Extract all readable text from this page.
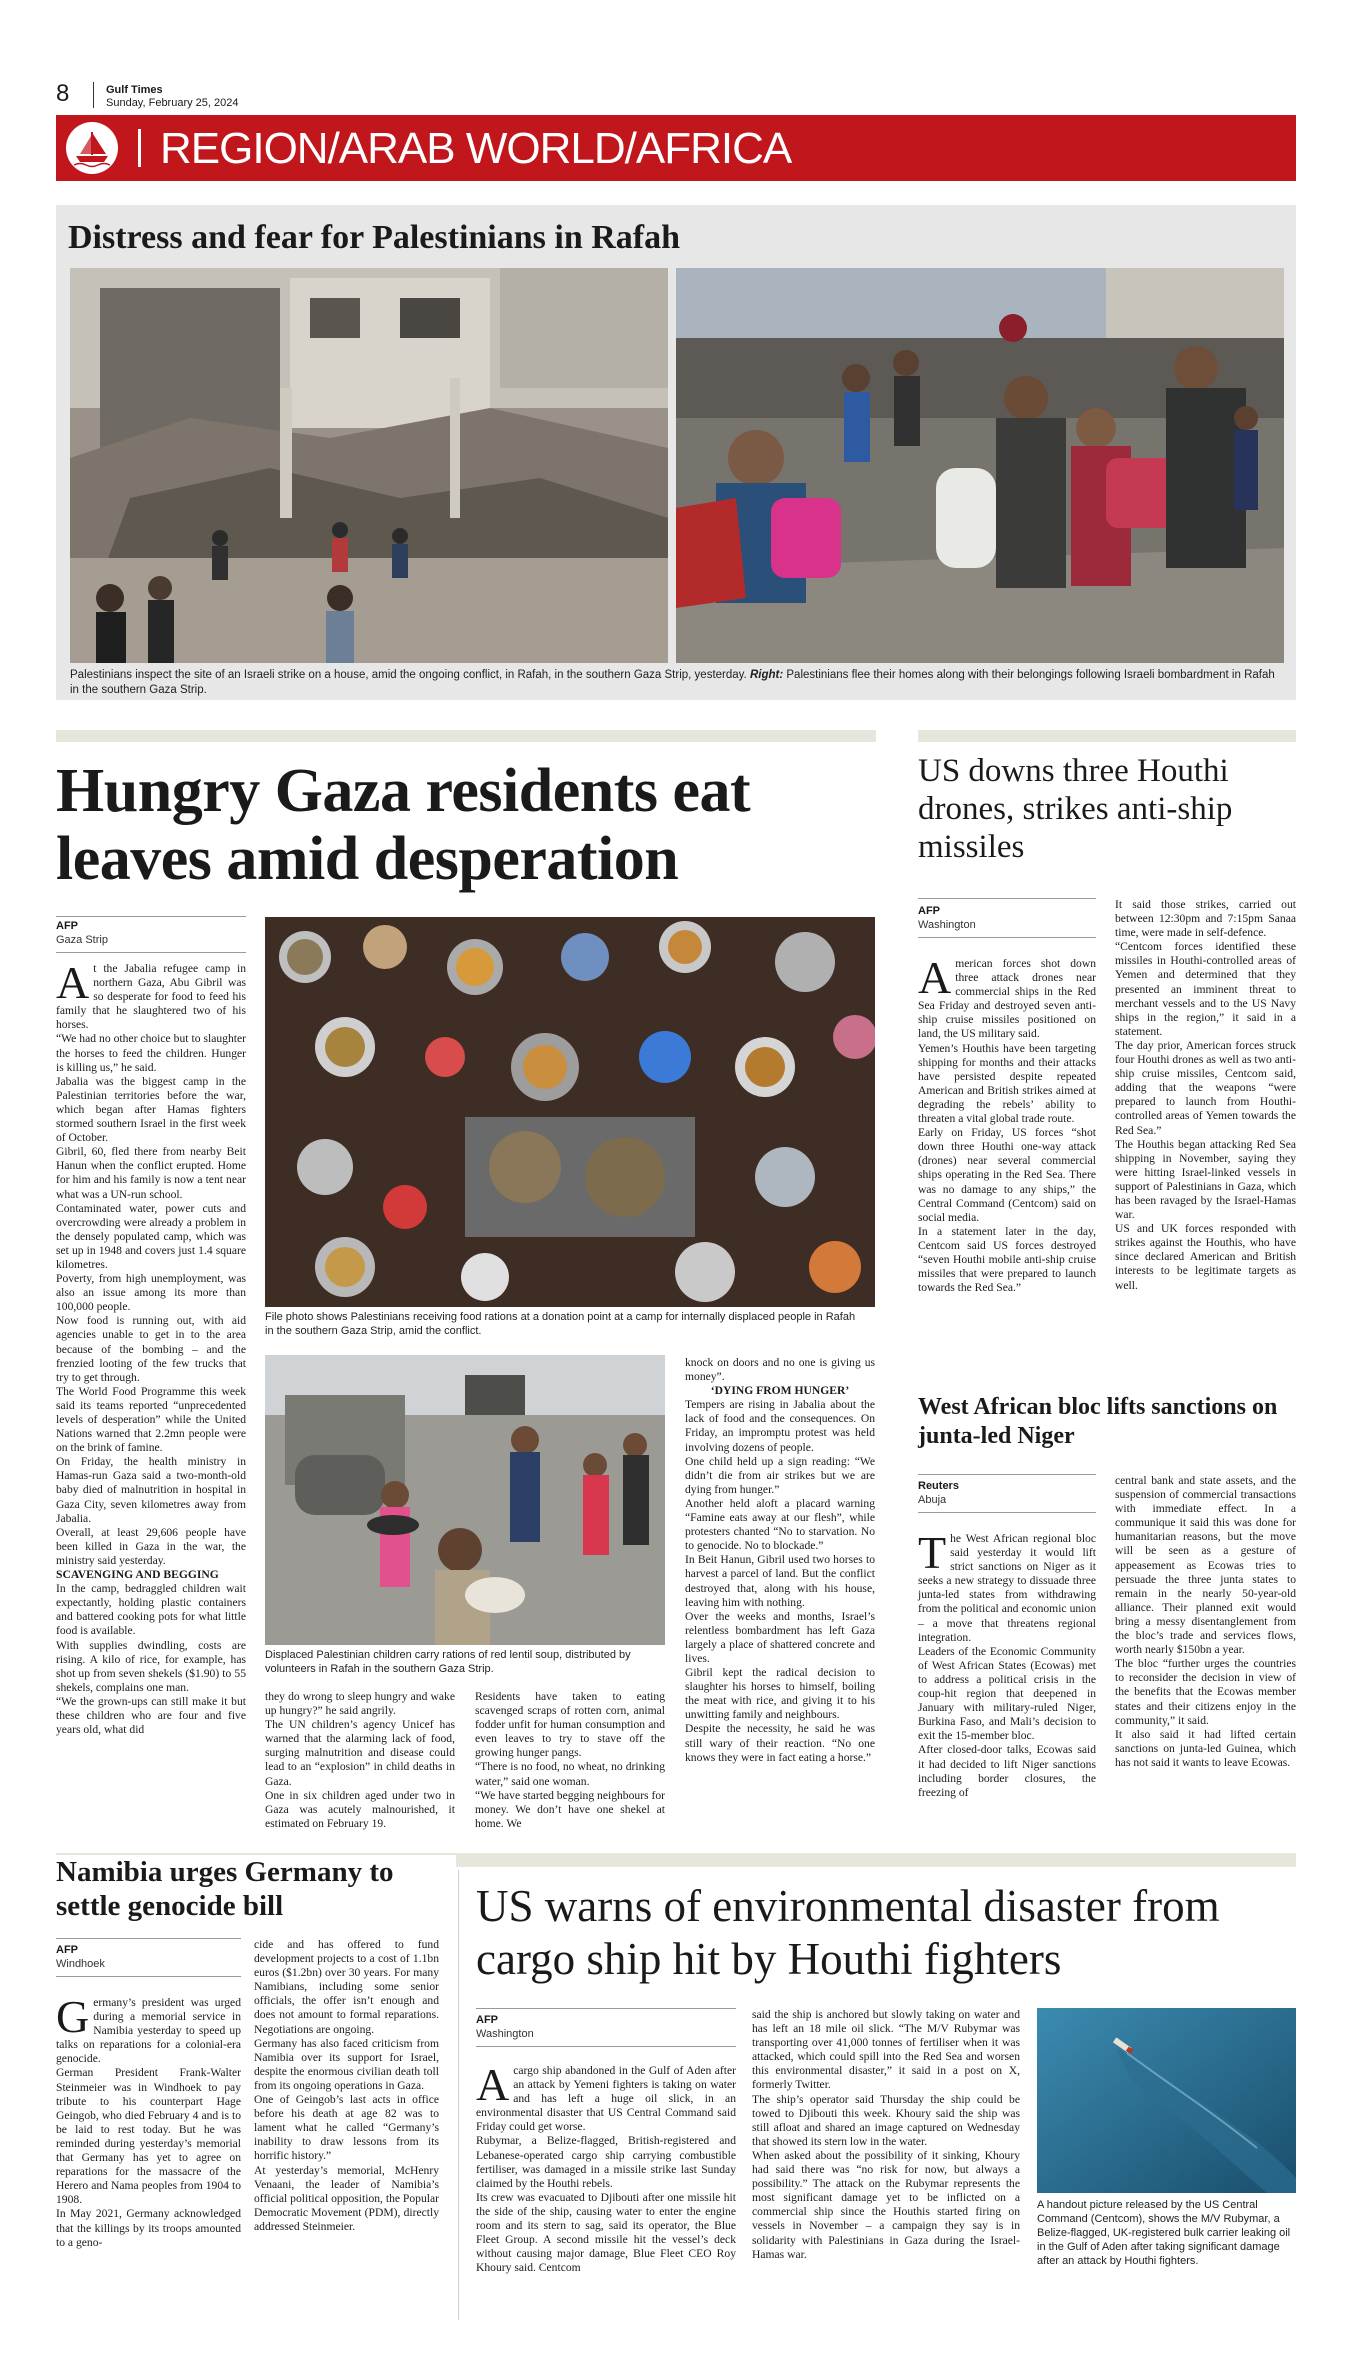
8	Gulf Times
Sunday, February 25, 2024
REGION/ARAB WORLD/AFRICA
Distress and fear for Palestinians in Rafah
Palestinians inspect the site of an Israeli strike on a house, amid the ongoing conflict, in Rafah, in the southern Gaza Strip, yesterday. Right: Palestinians flee their homes along with their belongings following Israeli bombardment in Rafah in the southern Gaza Strip.
Hungry Gaza residents eat leaves amid desperation
AFP
Gaza Strip
File photo shows Palestinians receiving food rations at a donation point at a camp for internally displaced people in Rafah in the southern Gaza Strip, amid the conflict.
Displaced Palestinian children carry rations of red lentil soup, distributed by volunteers in Rafah in the southern Gaza Strip.

At the Jabalia refugee camp in northern Gaza, Abu Gibril was so desperate for food to feed his family that he slaughtered two of his horses.

“We had no other choice but to slaughter the horses to feed the children. Hunger is killing us,” he said.

Jabalia was the biggest camp in the Palestinian territories before the war, which began after Hamas fighters stormed southern Israel in the first week of October.

Gibril, 60, fled there from nearby Beit Hanun when the conflict erupted. Home for him and his family is now a tent near what was a UN-run school.

Contaminated water, power cuts and overcrowding were already a problem in the densely populated camp, which was set up in 1948 and covers just 1.4 square kilometres.

Poverty, from high unemployment, was also an issue among its more than 100,000 people.

Now food is running out, with aid agencies unable to get in to the area because of the bombing – and the frenzied looting of the few trucks that try to get through.

The World Food Programme this week said its teams reported “unprecedented levels of desperation” while the United Nations warned that 2.2mn people were on the brink of famine.

On Friday, the health ministry in Hamas-run Gaza said a two-month-old baby died of malnutrition in hospital in Gaza City, seven kilometres away from Jabalia.

Overall, at least 29,606 people have been killed in Gaza in the war, the ministry said yesterday.

SCAVENGING AND BEGGING

In the camp, bedraggled children wait expectantly, holding plastic containers and battered cooking pots for what little food is available.

With supplies dwindling, costs are rising. A kilo of rice, for example, has shot up from seven shekels ($1.90) to 55 shekels, complains one man.

“We the grown-ups can still make it but these children who are four and five years old, what did

they do wrong to sleep hungry and wake up hungry?” he said angrily.

The UN children’s agency Unicef has warned that the alarming lack of food, surging malnutrition and disease could lead to an “explosion” in child deaths in Gaza.

One in six children aged under two in Gaza was acutely malnourished, it estimated on February 19.

Residents have taken to eating scavenged scraps of rotten corn, animal fodder unfit for human consumption and even leaves to try to stave off the growing hunger pangs.

“There is no food, no wheat, no drinking water,” said one woman.

“We have started begging neighbours for money. We don’t have one shekel at home. We

knock on doors and no one is giving us money”.

‘DYING FROM HUNGER’

Tempers are rising in Jabalia about the lack of food and the consequences. On Friday, an impromptu protest was held involving dozens of people.

One child held up a sign reading: “We didn’t die from air strikes but we are dying from hunger.”

Another held aloft a placard warning “Famine eats away at our flesh”, while protesters chanted “No to starvation. No to genocide. No to blockade.”

In Beit Hanun, Gibril used two horses to harvest a parcel of land. But the conflict destroyed that, along with his house, leaving him with nothing.

Over the weeks and months, Israel’s relentless bombardment has left Gaza largely a place of shattered concrete and lives.

Gibril kept the radical decision to slaughter his horses to himself, boiling the meat with rice, and giving it to his unwitting family and neighbours.

Despite the necessity, he said he was still wary of their reaction. “No one knows they were in fact eating a horse.”

US downs three Houthi drones, strikes anti-ship missiles
AFP
Washington

American forces shot down three attack drones near commercial ships in the Red Sea Friday and destroyed seven anti-ship cruise missiles positioned on land, the US military said.

Yemen’s Houthis have been targeting shipping for months and their attacks have persisted despite repeated American and British strikes aimed at degrading the rebels’ ability to threaten a vital global trade route.

Early on Friday, US forces “shot down three Houthi one-way attack (drones) near several commercial ships operating in the Red Sea. There was no damage to any ships,” the Central Command (Centcom) said on social media.

In a statement later in the day, Centcom said US forces destroyed “seven Houthi mobile anti-ship cruise missiles that were prepared to launch towards the Red Sea.”

It said those strikes, carried out between 12:30pm and 7:15pm Sanaa time, were made in self-defence.

“Centcom forces identified these missiles in Houthi-controlled areas of Yemen and determined that they presented an imminent threat to merchant vessels and to the US Navy ships in the region,” it said in a statement.

The day prior, American forces struck four Houthi drones as well as two anti-ship cruise missiles, Centcom said, adding that the weapons “were prepared to launch from Houthi-controlled areas of Yemen towards the Red Sea.”

The Houthis began attacking Red Sea shipping in November, saying they were hitting Israel-linked vessels in support of Palestinians in Gaza, which has been ravaged by the Israel-Hamas war.

US and UK forces responded with strikes against the Houthis, who have since declared American and British interests to be legitimate targets as well.

West African bloc lifts sanctions on junta-led Niger
Reuters
Abuja

The West African regional bloc said yesterday it would lift strict sanctions on Niger as it seeks a new strategy to dissuade three junta-led states from withdrawing from the political and economic union – a move that threatens regional integration.

Leaders of the Economic Community of West African States (Ecowas) met to address a political crisis in the coup-hit region that deepened in January with military-ruled Niger, Burkina Faso, and Mali’s decision to exit the 15-member bloc.

After closed-door talks, Ecowas said it had decided to lift Niger sanctions including border closures, the freezing of

central bank and state assets, and the suspension of commercial transactions with immediate effect. In a communique it said this was done for humanitarian reasons, but the move will be seen as a gesture of appeasement as Ecowas tries to persuade the three junta states to remain in the nearly 50-year-old alliance. Their planned exit would bring a messy disentanglement from the bloc’s trade and services flows, worth nearly $150bn a year.

The bloc “further urges the countries to reconsider the decision in view of the benefits that the Ecowas member states and their citizens enjoy in the community,” it said.

It also said it had lifted certain sanctions on junta-led Guinea, which has not said it wants to leave Ecowas.

Namibia urges Germany to settle genocide bill
AFP
Windhoek

Germany’s president was urged during a memorial service in Namibia yesterday to speed up talks on reparations for a colonial-era genocide.

German President Frank-Walter Steinmeier was in Windhoek to pay tribute to his counterpart Hage Geingob, who died February 4 and is to be laid to rest today. But he was reminded during yesterday’s memorial that Germany has yet to agree on reparations for the massacre of the Herero and Nama peoples from 1904 to 1908.

In May 2021, Germany acknowledged that the killings by its troops amounted to a geno-

cide and has offered to fund development projects to a cost of 1.1bn euros ($1.2bn) over 30 years. For many Namibians, including some senior officials, the offer isn’t enough and does not amount to formal reparations. Negotiations are ongoing.

Germany has also faced criticism from Namibia over its support for Israel, despite the enormous civilian death toll from its ongoing operations in Gaza.

One of Geingob’s last acts in office before his death at age 82 was to lament what he called “Germany’s inability to draw lessons from its horrific history.”

At yesterday’s memorial, McHenry Venaani, the leader of Namibia’s official political opposition, the Popular Democratic Movement (PDM), directly addressed Steinmeier.

US warns of environmental disaster from cargo ship hit by Houthi fighters
AFP
Washington

Acargo ship abandoned in the Gulf of Aden after an attack by Yemeni fighters is taking on water and has left a huge oil slick, in an environmental disaster that US Central Command said Friday could get worse.

Rubymar, a Belize-flagged, British-registered and Lebanese-operated cargo ship carrying combustible fertiliser, was damaged in a missile strike last Sunday claimed by the Houthi rebels.

Its crew was evacuated to Djibouti after one missile hit the side of the ship, causing water to enter the engine room and its stern to sag, said its operator, the Blue Fleet Group. A second missile hit the vessel’s deck without causing major damage, Blue Fleet CEO Roy Khoury said. Centcom

said the ship is anchored but slowly taking on water and has left an 18 mile oil slick. “The M/V Rubymar was transporting over 41,000 tonnes of fertiliser when it was attacked, which could spill into the Red Sea and worsen this environmental disaster,” it said in a post on X, formerly Twitter.

The ship’s operator said Thursday the ship could be towed to Djibouti this week. Khoury said the ship was still afloat and shared an image captured on Wednesday that showed its stern low in the water.

When asked about the possibility of it sinking, Khoury had said there was “no risk for now, but always a possibility.” The attack on the Rubymar represents the most significant damage yet to be inflicted on a commercial ship since the Houthis started firing on vessels in November – a campaign they say is in solidarity with Palestinians in Gaza during the Israel-Hamas war.

A handout picture released by the US Central Command (Centcom), shows the M/V Rubymar, a Belize-flagged, UK-registered bulk carrier leaking oil in the Gulf of Aden after taking significant damage after an attack by Houthi fighters.
